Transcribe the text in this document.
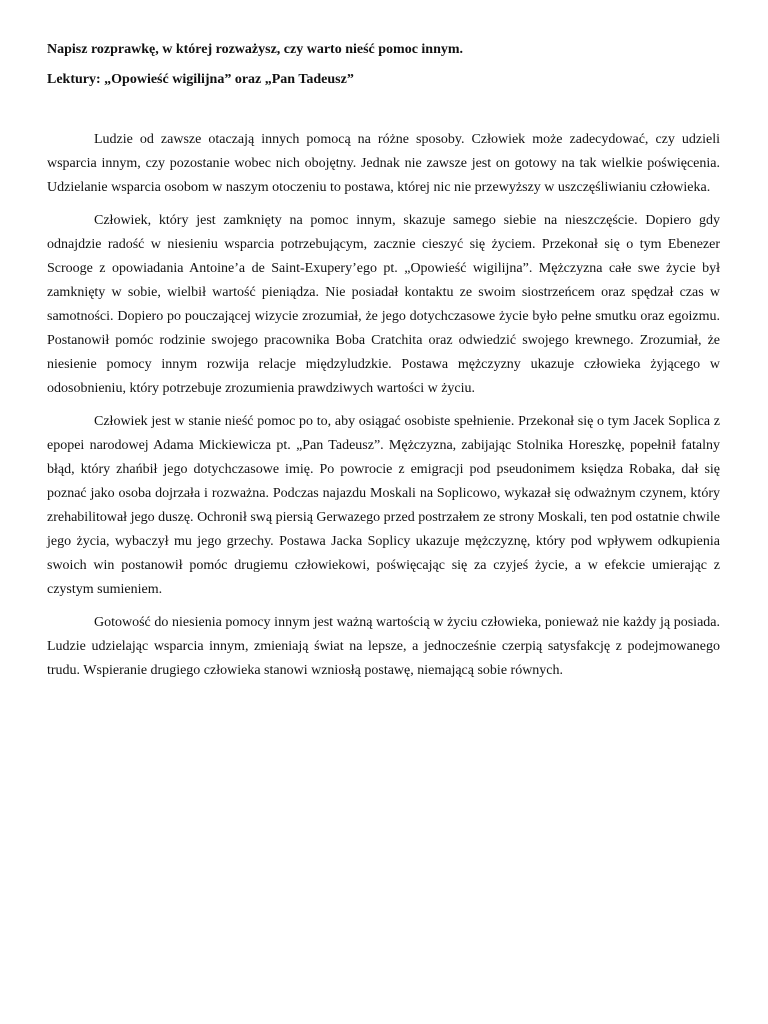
Napisz rozprawkę, w której rozważysz, czy warto nieść pomoc innym.

Lektury: „Opowieść wigilijna” oraz „Pan Tadeusz”

Ludzie od zawsze otaczają innych pomocą na różne sposoby. Człowiek może zadecydować, czy udzieli wsparcia innym, czy pozostanie wobec nich obojętny. Jednak nie zawsze jest on gotowy na tak wielkie poświęcenia. Udzielanie wsparcia osobom w naszym otoczeniu to postawa, której nic nie przewyższy w uszczęśliwianiu człowieka.

Człowiek, który jest zamknięty na pomoc innym, skazuje samego siebie na nieszczęście. Dopiero gdy odnajdzie radość w niesieniu wsparcia potrzebującym, zacznie cieszyć się życiem. Przekonał się o tym Ebenezer Scrooge z opowiadania Antoine’a de Saint-Exupery’ego pt. „Opowieść wigilijna”. Mężczyzna całe swe życie był zamknięty w sobie, wielbił wartość pieniądza. Nie posiadał kontaktu ze swoim siostrzeńcem oraz spędzał czas w samotności. Dopiero po pouczającej wizycie zrozumiał, że jego dotychczasowe życie było pełne smutku oraz egoizmu. Postanowił pomóc rodzinie swojego pracownika Boba Cratchita oraz odwiedzić swojego krewnego. Zrozumiał, że niesienie pomocy innym rozwija relacje międzyludzkie. Postawa mężczyzny ukazuje człowieka żyjącego w odosobnieniu, który potrzebuje zrozumienia prawdziwych wartości w życiu.

Człowiek jest w stanie nieść pomoc po to, aby osiągać osobiste spełnienie. Przekonał się o tym Jacek Soplica z epopei narodowej Adama Mickiewicza pt. „Pan Tadeusz”. Mężczyzna, zabijając Stolnika Horeszkę, popełnił fatalny błąd, który zhańbił jego dotychczasowe imię. Po powrocie z emigracji pod pseudonimem księdza Robaka, dał się poznać jako osoba dojrzała i rozważna. Podczas najazdu Moskali na Soplicowo, wykazał się odważnym czynem, który zrehabilitował jego duszę. Ochronił swą piersią Gerwazego przed postrzałem ze strony Moskali, ten pod ostatnie chwile jego życia, wybaczył mu jego grzechy. Postawa Jacka Soplicy ukazuje mężczyznę, który pod wpływem odkupienia swoich win postanowił pomóc drugiemu człowiekowi, poświęcając się za czyjeś życie, a w efekcie umierając z czystym sumieniem.

Gotowość do niesienia pomocy innym jest ważną wartością w życiu człowieka, ponieważ nie każdy ją posiada. Ludzie udzielając wsparcia innym, zmieniają świat na lepsze, a jednocześnie czerpią satysfakcję z podejmowanego trudu. Wspieranie drugiego człowieka stanowi wzniosłą postawę, niemającą sobie równych.
